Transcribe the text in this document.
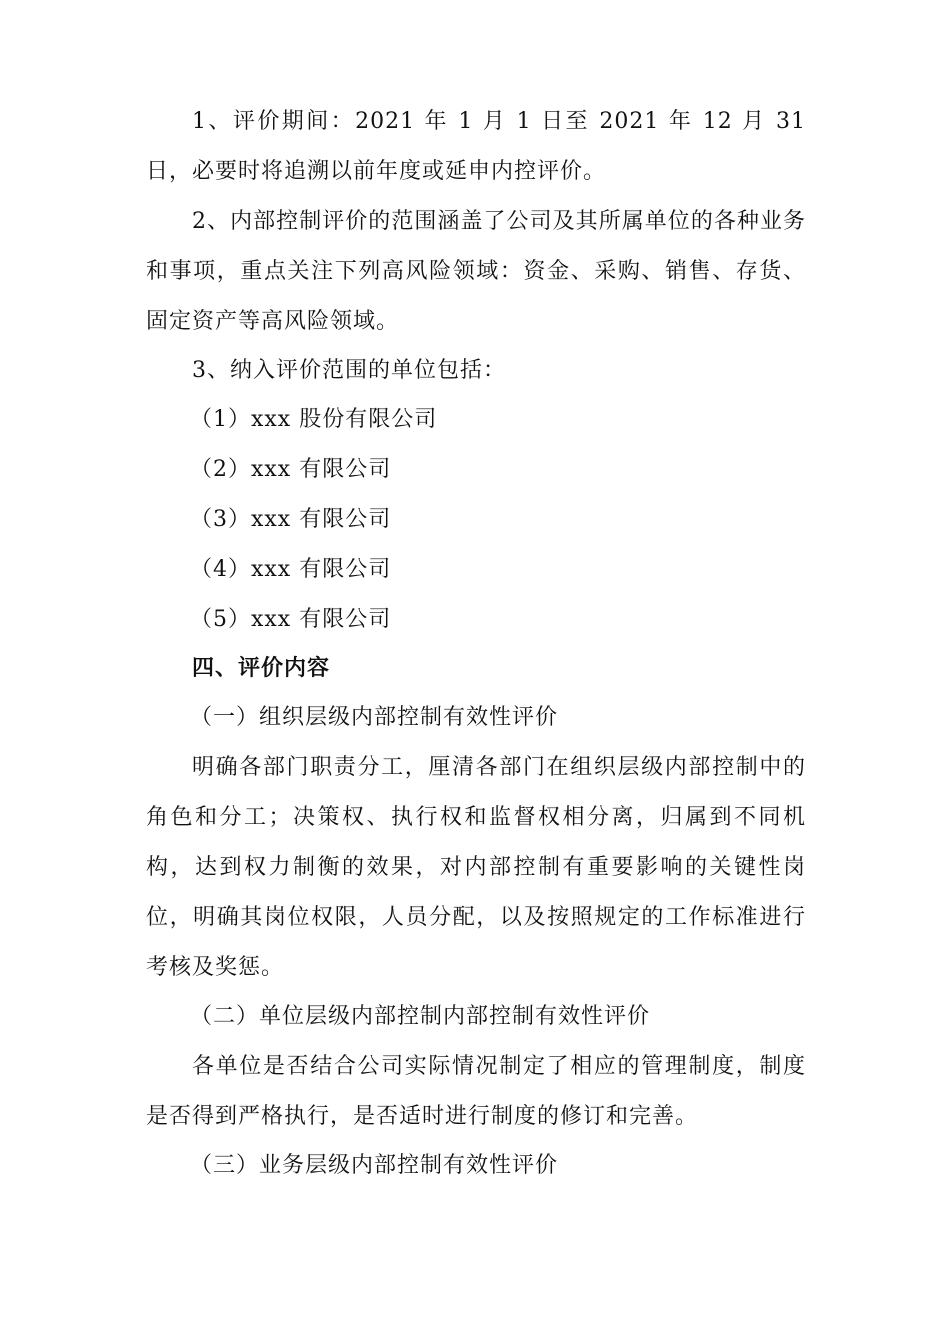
1、评价期间：2021 年 1 月 1 日至 2021 年 12 月 31 日，必要时将追溯以前年度或延申内控评价。

2、内部控制评价的范围涵盖了公司及其所属单位的各种业务和事项，重点关注下列高风险领域：资金、采购、销售、存货、固定资产等高风险领域。

3、纳入评价范围的单位包括：

（1）xxx 股份有限公司

（2）xxx 有限公司

（3）xxx 有限公司

（4）xxx 有限公司

（5）xxx 有限公司

四、评价内容

（一）组织层级内部控制有效性评价

明确各部门职责分工，厘清各部门在组织层级内部控制中的角色和分工；决策权、执行权和监督权相分离，归属到不同机构，达到权力制衡的效果，对内部控制有重要影响的关键性岗位，明确其岗位权限，人员分配，以及按照规定的工作标准进行考核及奖惩。

（二）单位层级内部控制内部控制有效性评价

各单位是否结合公司实际情况制定了相应的管理制度，制度是否得到严格执行，是否适时进行制度的修订和完善。

（三）业务层级内部控制有效性评价
